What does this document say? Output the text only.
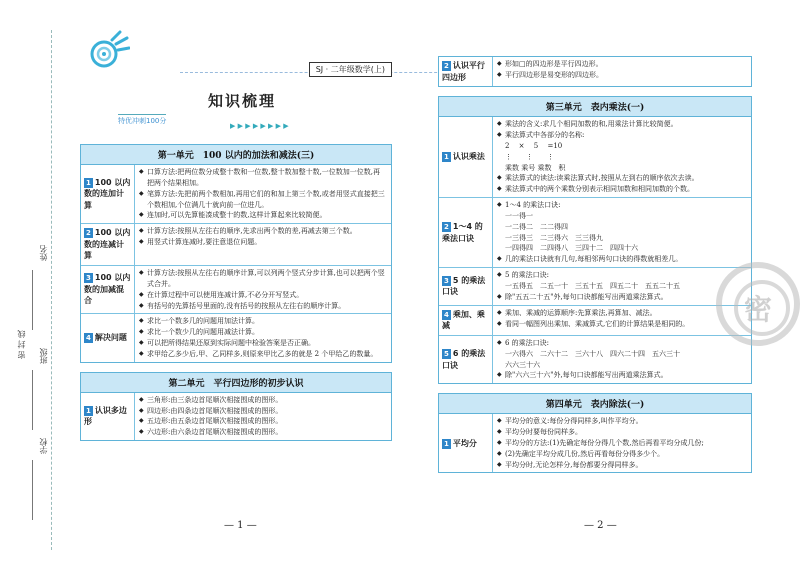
姓名
密 封 线 班级
学校
SJ · 二年级数学(上)
知识梳理
特优冲刺100分
▶ ▶ ▶ ▶ ▶ ▶ ▶ ▶
第一单元　100 以内的加法和减法(三)
1 100 以内数的连加计算
◆ 口算方法:把两位数分成整十数和一位数,整十数加整十数,一位数加一位数,再把两个结果相加。
◆ 笔算方法:先把前两个数相加,再用它们的和加上第三个数,或者用竖式直接把三个数相加,个位满几十就向前一位进几。
◆ 连加时,可以先算能凑成整十的数,这样计算起来比较简便。
2 100 以内数的连减计算
◆ 计算方法:按照从左往右的顺序,先求出两个数的差,再减去第三个数。
◆ 用竖式计算连减时,要注意退位问题。
3 100 以内数的加减混合
◆ 计算方法:按照从左往右的顺序计算,可以列两个竖式分步计算,也可以把两个竖式合并。
◆ 在计算过程中可以使用连减计算,不必分开写竖式。
◆ 有括号的先算括号里面的,没有括号的按照从左往右的顺序计算。
4 解决问题
◆ 求比一个数多几的问题用加法计算。
◆ 求比一个数少几的问题用减法计算。
◆ 可以把所得结果还原到实际问题中检验答案是否正确。
◆ 求甲给乙多少后,甲、乙同样多,则原来甲比乙多的就是 2 个甲给乙的数量。
第二单元　平行四边形的初步认识
1 认识多边形
◆ 三角形:由三条边首尾顺次相接围成的图形。
◆ 四边形:由四条边首尾顺次相接围成的图形。
◆ 五边形:由五条边首尾顺次相接围成的图形。
◆ 六边形:由六条边首尾顺次相接围成的图形。
2 认识平行四边形
◆ 形如□的四边形是平行四边形。
◆ 平行四边形是易变形的四边形。
第三单元　表内乘法(一)
1 认识乘法
◆ 乘法的含义:求几个相同加数的和,用乘法计算比较简便。
◆ 乘法算式中各部分的名称:
2　 ×　 5　 =10
⋮　　⋮　　⋮
乘数 乘号 乘数　积
◆ 乘法算式的读法:读乘法算式时,按照从左到右的顺序依次去读。
◆ 乘法算式中的两个乘数分别表示相同加数和相同加数的个数。
2 1～4 的乘法口诀
◆ 1～4 的乘法口诀:
一一得一
一二得二　二二得四
一三得三　二三得六　三三得九
一四得四　二四得八　三四十二　四四十六
◆ 几的乘法口诀就有几句,每相邻两句口诀的得数就相差几。
3 5 的乘法口诀
◆ 5 的乘法口诀:
一五得五　二五一十　三五十五　四五二十　五五二十五
◆ 除"五五二十五"外,每句口诀都能写出两道乘法算式。
4 乘加、乘减
◆ 乘加、乘减的运算顺序:先算乘法,再算加、减法。
◆ 看同一幅图列出乘加、乘减算式,它们的计算结果是相同的。
5 6 的乘法口诀
◆ 6 的乘法口诀:
一六得六　二六十二　三六十八　四六二十四　五六三十
六六三十六
◆ 除"六六三十六"外,每句口诀都能写出两道乘法算式。
第四单元　表内除法(一)
1 平均分
◆ 平均分的意义:每份分得同样多,叫作平均分。
◆ 平均分时要每份同样多。
◆ 平均分的方法:(1)先确定每份分得几个数,然后再看平均分成几份;
◆ (2)先确定平均分成几份,然后再看每份分得多少个。
◆ 平均分时,无论怎样分,每份都要分得同样多。
密
— 1 —	— 2 —
